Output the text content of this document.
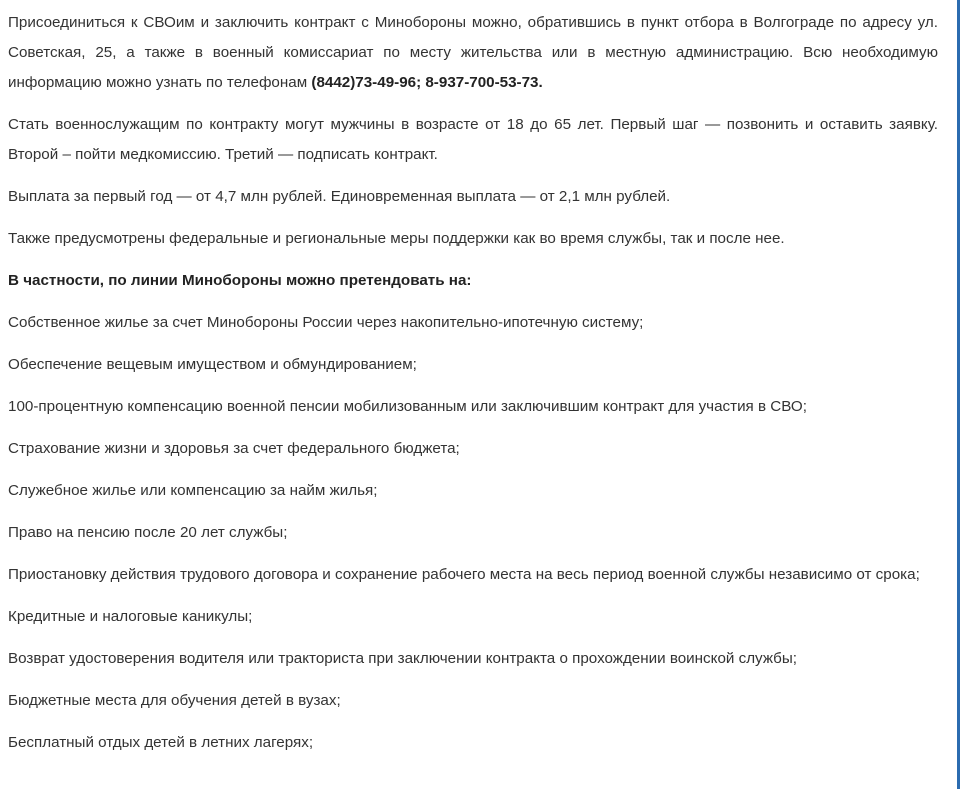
Присоединиться к СВОим и заключить контракт с Минобороны можно, обратившись в пункт отбора в Волгограде по адресу ул. Советская, 25, а также в военный комиссариат по месту жительства или в местную администрацию. Всю необходимую информацию можно узнать по телефонам (8442)73-49-96; 8-937-700-53-73.

Стать военнослужащим по контракту могут мужчины в возрасте от 18 до 65 лет. Первый шаг — позвонить и оставить заявку. Второй – пойти медкомиссию. Третий — подписать контракт.

Выплата за первый год — от 4,7 млн рублей. Единовременная выплата — от 2,1 млн рублей.

Также предусмотрены федеральные и региональные меры поддержки как во время службы, так и после нее.

В частности, по линии Минобороны можно претендовать на:

Собственное жилье за счет Минобороны России через накопительно-ипотечную систему;

Обеспечение вещевым имуществом и обмундированием;

100-процентную компенсацию военной пенсии мобилизованным или заключившим контракт для участия в СВО;

Страхование жизни и здоровья за счет федерального бюджета;

Служебное жилье или компенсацию за найм жилья;

Право на пенсию после 20 лет службы;

Приостановку действия трудового договора и сохранение рабочего места на весь период военной службы независимо от срока;

Кредитные и налоговые каникулы;

Возврат удостоверения водителя или тракториста при заключении контракта о прохождении воинской службы;

Бюджетные места для обучения детей в вузах;

Бесплатный отдых детей в летних лагерях;
